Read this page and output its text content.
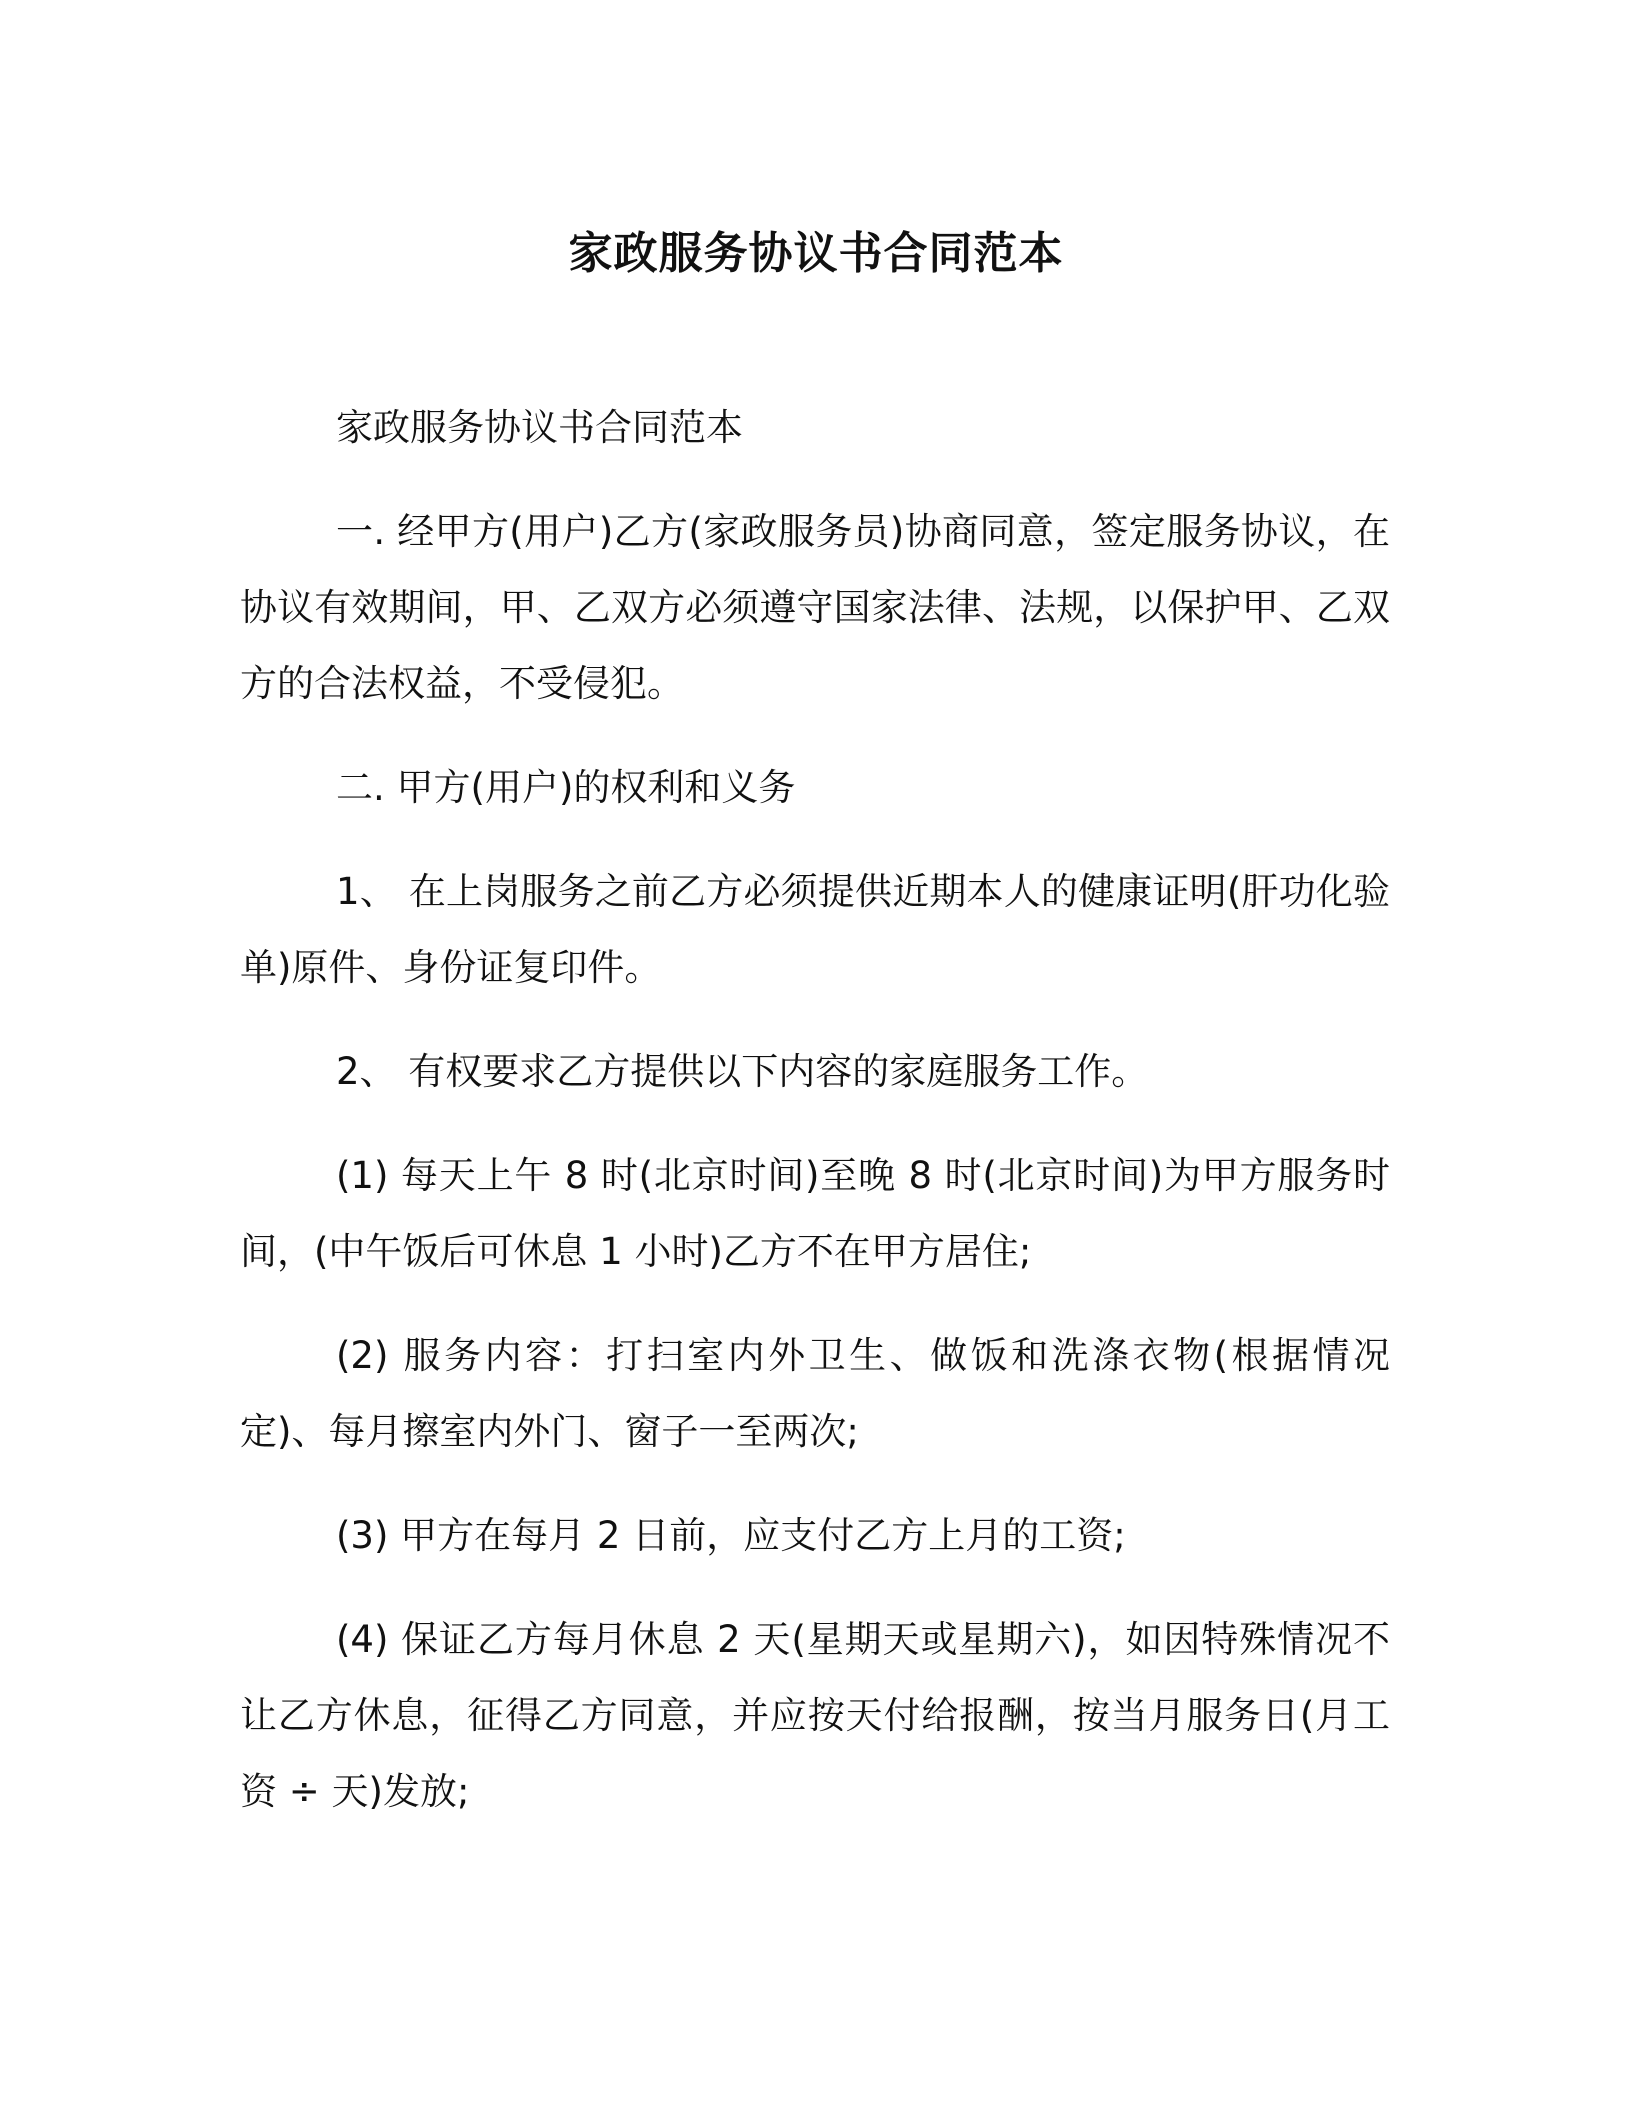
家政服务协议书合同范本

家政服务协议书合同范本

一. 经甲方(用户)乙方(家政服务员)协商同意，签定服务协议，在协议有效期间，甲、乙双方必须遵守国家法律、法规，以保护甲、乙双方的合法权益，不受侵犯。

二. 甲方(用户)的权利和义务

1、 在上岗服务之前乙方必须提供近期本人的健康证明(肝功化验单)原件、身份证复印件。

2、 有权要求乙方提供以下内容的家庭服务工作。

(1) 每天上午 8 时(北京时间)至晚 8 时(北京时间)为甲方服务时间，(中午饭后可休息 1 小时)乙方不在甲方居住;

(2) 服务内容：打扫室内外卫生、做饭和洗涤衣物(根据情况定)、每月擦室内外门、窗子一至两次;

(3) 甲方在每月 2 日前，应支付乙方上月的工资;

(4) 保证乙方每月休息 2 天(星期天或星期六)，如因特殊情况不让乙方休息，征得乙方同意，并应按天付给报酬，按当月服务日(月工资 ÷ 天)发放;
